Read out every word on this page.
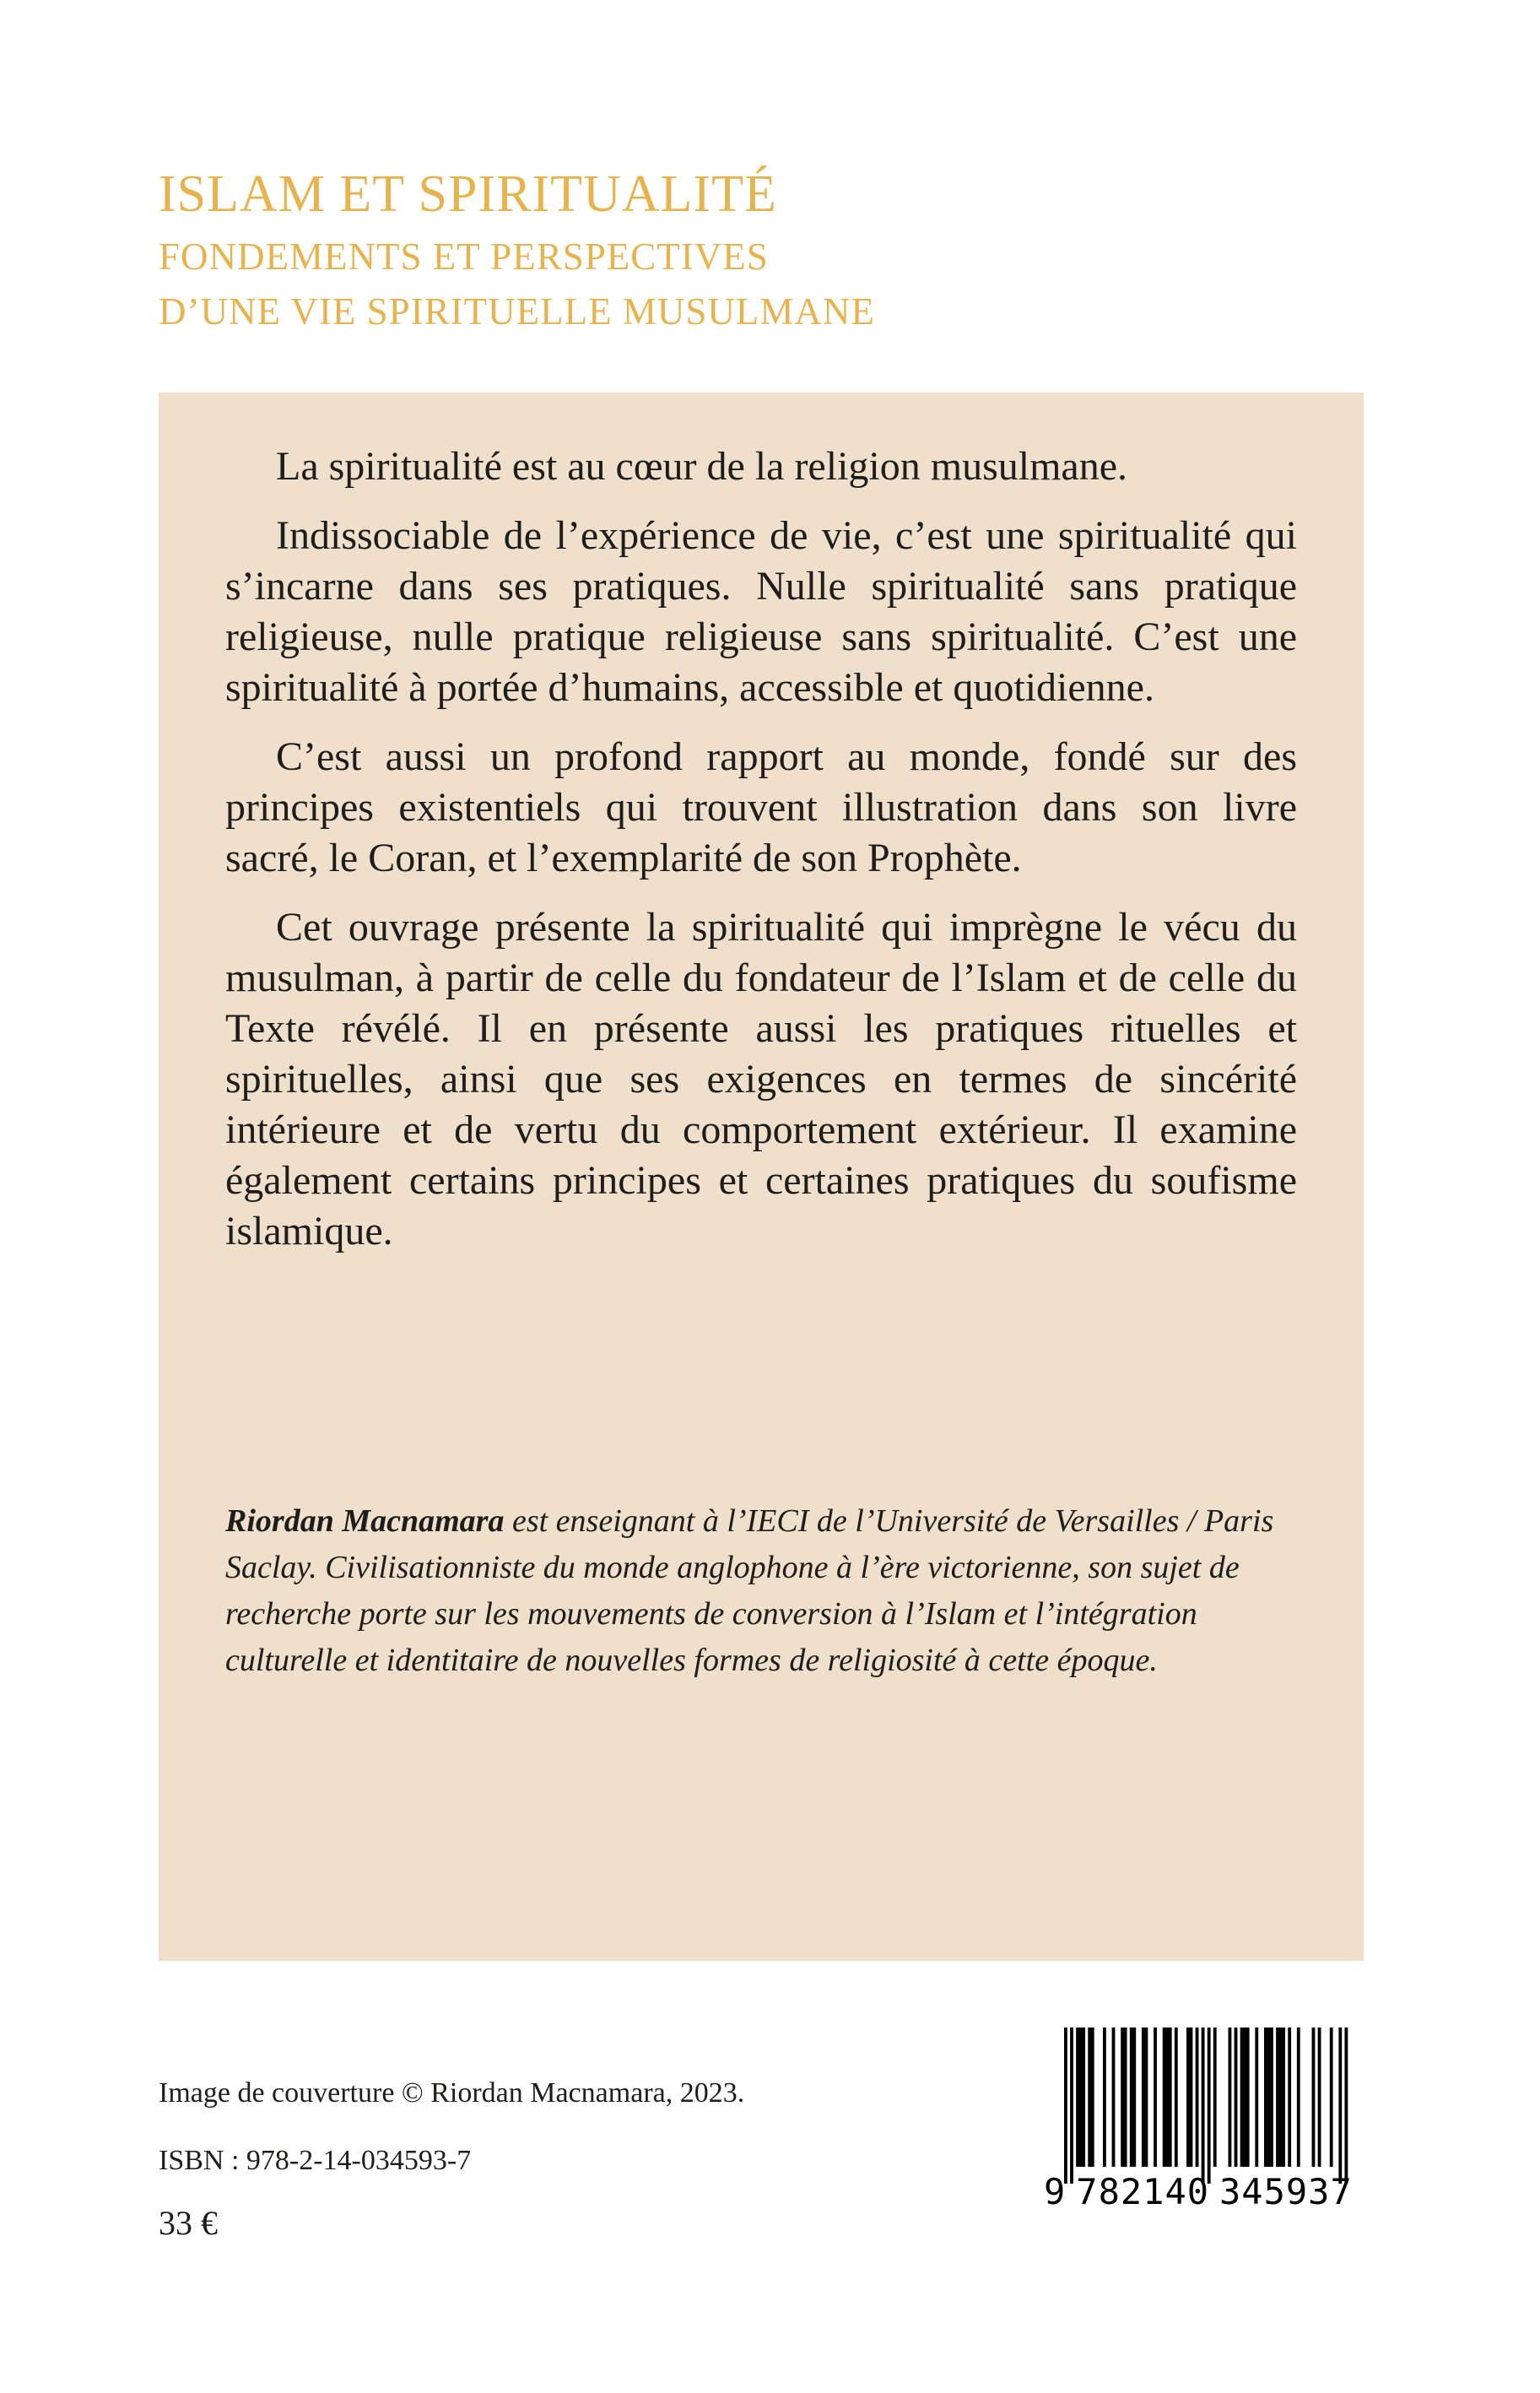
ISLAM ET SPIRITUALITÉ

FONDEMENTS ET PERSPECTIVES

D’UNE VIE SPIRITUELLE MUSULMANE

La spiritualité est au cœur de la religion musulmane.

Indissociable de l’expérience de vie, c’est une spiritualité qui s’incarne dans ses pratiques. Nulle spiritualité sans pratique religieuse, nulle pratique religieuse sans spiritualité. C’est une spiritualité à portée d’humains, accessible et quotidienne.

C’est aussi un profond rapport au monde, fondé sur des principes existentiels qui trouvent illustration dans son livre sacré, le Coran, et l’exemplarité de son Prophète.

Cet ouvrage présente la spiritualité qui imprègne le vécu du musulman, à partir de celle du fondateur de l’Islam et de celle du Texte révélé. Il en présente aussi les pratiques rituelles et spirituelles, ainsi que ses exigences en termes de sincérité intérieure et de vertu du comportement extérieur. Il examine également certains principes et certaines pratiques du soufisme islamique.

Riordan Macnamara est enseignant à l’IECI de l’Université de Versailles / Paris Saclay. Civilisationniste du monde anglophone à l’ère victorienne, son sujet de recherche porte sur les mouvements de conversion à l’Islam et l’intégration culturelle et identitaire de nouvelles formes de religiosité à cette époque.

Image de couverture © Riordan Macnamara, 2023.

ISBN : 978-2-14-034593-7

33 €

9 782140 345937
